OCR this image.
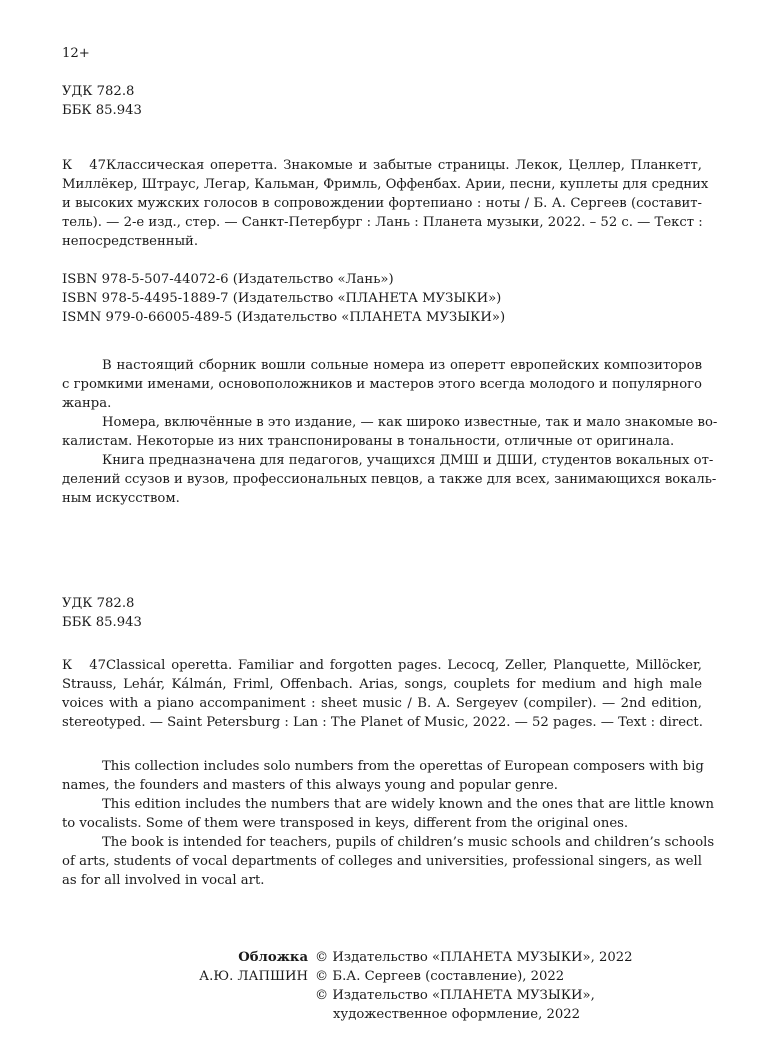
12+
УДК 782.8
ББК 85.943
К 47Классическая оперетта. Знакомые и забытые страницы. Лекок, Целлер, Планкетт,
Миллёкер, Штраус, Легар, Кальман, Фримль, Оффенбах. Арии, песни, куплеты для средних
и высоких мужских голосов в сопровождении фортепиано : ноты / Б. А. Сергеев (составит-
тель). — 2-е изд., стер. — Санкт-Петербург : Лань : Планета музыки, 2022. – 52 с. — Текст :
непосредственный.
ISBN 978-5-507-44072-6 (Издательство «Лань»)
ISBN 978-5-4495-1889-7 (Издательство «ПЛАНЕТА МУЗЫКИ»)
ISMN 979-0-66005-489-5 (Издательство «ПЛАНЕТА МУЗЫКИ»)
В настоящий сборник вошли сольные номера из оперетт европейских композиторов
с громкими именами, основоположников и мастеров этого всегда молодого и популярного
жанра.
Номера, включённые в это издание, — как широко известные, так и мало знакомые во-
калистам. Некоторые из них транспонированы в тональности, отличные от оригинала.
Книга предназначена для педагогов, учащихся ДМШ и ДШИ, студентов вокальных от-
делений ссузов и вузов, профессиональных певцов, а также для всех, занимающихся вокаль-
ным искусством.
УДК 782.8
ББК 85.943
К 47Classical operetta. Familiar and forgotten pages. Lecocq, Zeller, Planquette, Millöcker,
Strauss, Lehár, Kálmán, Friml, Offenbach. Arias, songs, couplets for medium and high male
voices with a piano accompaniment : sheet music / B. A. Sergeyev (compiler). — 2nd edition,
stereotyped. — Saint Petersburg : Lan : The Planet of Music, 2022. — 52 pages. — Text : direct.
This collection includes solo numbers from the operettas of European composers with big
names, the founders and masters of this always young and popular genre.
This edition includes the numbers that are widely known and the ones that are little known
to vocalists. Some of them were transposed in keys, different from the original ones.
The book is intended for teachers, pupils of children’s music schools and children’s schools
of arts, students of vocal departments of colleges and universities, professional singers, as well
as for all involved in vocal art.
Обложка
А.Ю. ЛАПШИН
© Издательство «ПЛАНЕТА МУЗЫКИ», 2022
© Б.А. Сергеев (составление), 2022
© Издательство «ПЛАНЕТА МУЗЫКИ»,
художественное оформление, 2022
